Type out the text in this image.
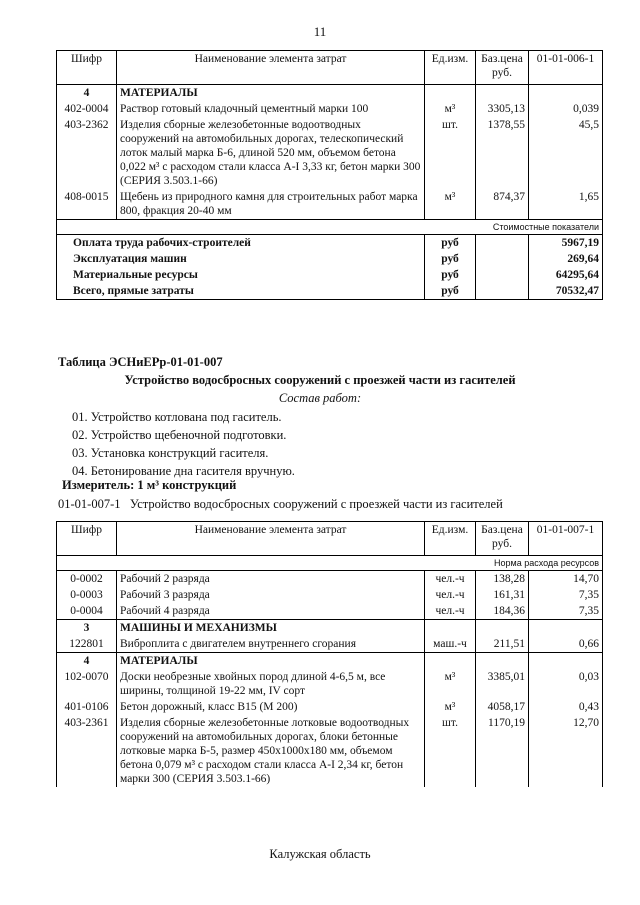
11
Шифр	Наименование элемента затрат	Ед.изм.	Баз.цена руб.	01-01-006-1
4	МАТЕРИАЛЫ			
402-0004	Раствор готовый кладочный цементный марки 100	м³	3305,13	0,039
403-2362	Изделия сборные железобетонные водоотводных сооружений на автомобильных дорогах, телескопический лоток малый марка Б-6, длиной 520 мм, объемом бетона 0,022 м³ с расходом стали класса А-I 3,33 кг, бетон марки 300 (СЕРИЯ 3.503.1-66)	шт.	1378,55	45,5
408-0015	Щебень из природного камня для строительных работ марка 800, фракция 20-40 мм	м³	874,37	1,65
Стоимостные показатели				
Оплата труда рабочих-строителей		руб		5967,19
Эксплуатация машин		руб		269,64
Материальные ресурсы		руб		64295,64
Всего, прямые затраты		руб		70532,47
Таблица ЭСНиЕРр-01-01-007
Устройство водосбросных сооружений с проезжей части из гасителей
Состав работ:
01. Устройство котлована под гаситель.
02. Устройство щебеночной подготовки.
03. Установка конструкций гасителя.
04. Бетонирование дна гасителя вручную.
Измеритель: 1 м³ конструкций
01-01-007-1   Устройство водосбросных сооружений с проезжей части из гасителей
Шифр	Наименование элемента затрат	Ед.изм.	Баз.цена руб.	01-01-007-1
Норма расхода ресурсов				
0-0002	Рабочий 2 разряда	чел.-ч	138,28	14,70
0-0003	Рабочий 3 разряда	чел.-ч	161,31	7,35
0-0004	Рабочий 4 разряда	чел.-ч	184,36	7,35
3	МАШИНЫ И МЕХАНИЗМЫ			
122801	Виброплита с двигателем внутреннего сгорания	маш.-ч	211,51	0,66
4	МАТЕРИАЛЫ			
102-0070	Доски необрезные хвойных пород длиной 4-6,5 м, все ширины, толщиной 19-22 мм, IV сорт	м³	3385,01	0,03
401-0106	Бетон дорожный, класс В15 (М 200)	м³	4058,17	0,43
403-2361	Изделия сборные железобетонные лотковые водоотводных сооружений на автомобильных дорогах, блоки бетонные лотковые марка Б-5, размер 450x1000x180 мм, объемом бетона 0,079 м³ с расходом стали класса А-I 2,34 кг, бетон марки 300 (СЕРИЯ 3.503.1-66)	шт.	1170,19	12,70
Калужская область
